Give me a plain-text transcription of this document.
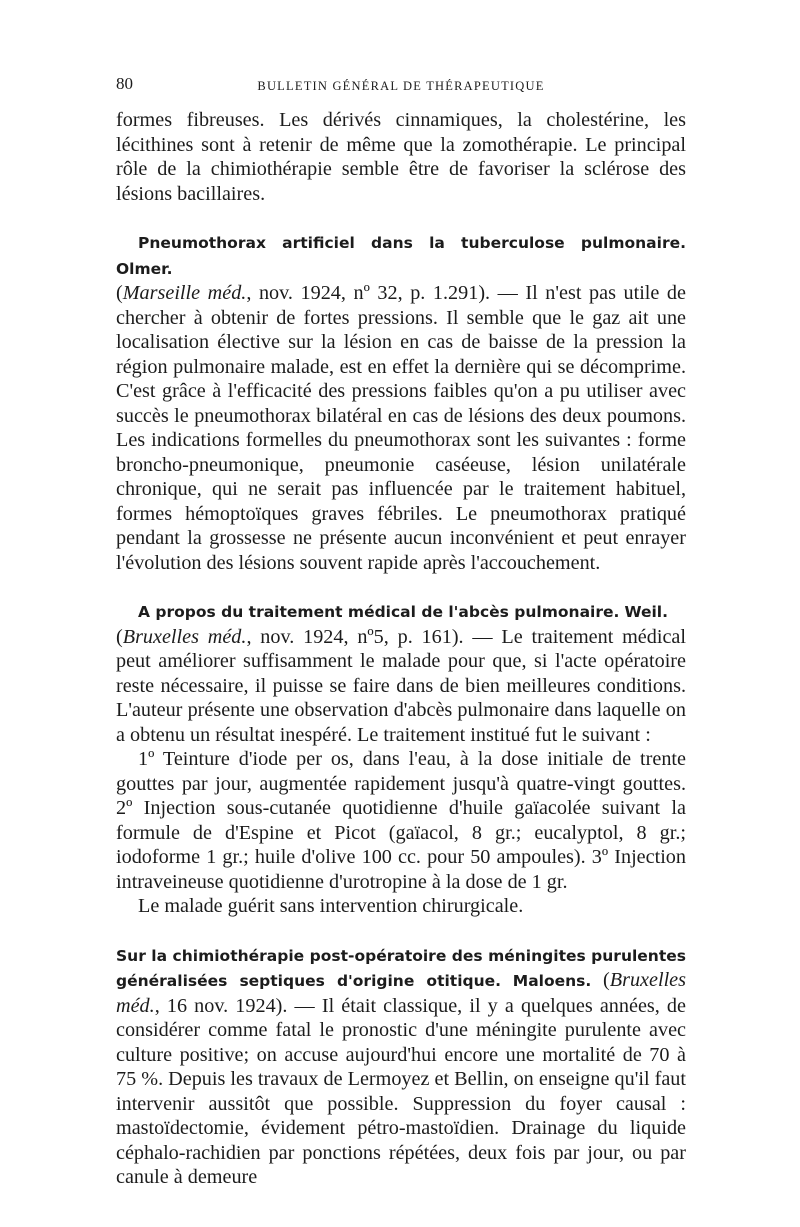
80	BULLETIN GÉNÉRAL DE THÉRAPEUTIQUE

formes fibreuses. Les dérivés cinnamiques, la cholestérine, les lécithines sont à retenir de même que la zomothérapie. Le principal rôle de la chimiothérapie semble être de favoriser la sclérose des lésions bacillaires.

Pneumothorax artificiel dans la tuberculose pulmonaire. Olmer.
(Marseille méd., nov. 1924, nº 32, p. 1.291). — Il n'est pas utile de chercher à obtenir de fortes pressions. Il semble que le gaz ait une localisation élective sur la lésion en cas de baisse de la pression la région pulmonaire malade, est en effet la dernière qui se décomprime. C'est grâce à l'efficacité des pressions faibles qu'on a pu utiliser avec succès le pneumothorax bilatéral en cas de lésions des deux poumons. Les indications formelles du pneumothorax sont les suivantes : forme broncho-pneumonique, pneumonie caséeuse, lésion unilatérale chronique, qui ne serait pas influencée par le traitement habituel, formes hémoptoïques graves fébriles. Le pneumothorax pratiqué pendant la grossesse ne présente aucun inconvénient et peut enrayer l'évolution des lésions souvent rapide après l'accouchement.

A propos du traitement médical de l'abcès pulmonaire. Weil.
(Bruxelles méd., nov. 1924, nº5, p. 161). — Le traitement médical peut améliorer suffisamment le malade pour que, si l'acte opératoire reste nécessaire, il puisse se faire dans de bien meilleures conditions. L'auteur présente une observation d'abcès pulmonaire dans laquelle on a obtenu un résultat inespéré. Le traitement institué fut le suivant :

1º Teinture d'iode per os, dans l'eau, à la dose initiale de trente gouttes par jour, augmentée rapidement jusqu'à quatre-vingt gouttes. 2º Injection sous-cutanée quotidienne d'huile gaïacolée suivant la formule de d'Espine et Picot (gaïacol, 8 gr.; eucalyptol, 8 gr.; iodoforme 1 gr.; huile d'olive 100 cc. pour 50 ampoules). 3º Injection intraveineuse quotidienne d'urotropine à la dose de 1 gr.

Le malade guérit sans intervention chirurgicale.

Sur la chimiothérapie post-opératoire des méningites purulentes généralisées septiques d'origine otitique. Maloens. (Bruxelles méd., 16 nov. 1924). — Il était classique, il y a quelques années, de considérer comme fatal le pronostic d'une méningite purulente avec culture positive; on accuse aujourd'hui encore une mortalité de 70 à 75 %. Depuis les travaux de Lermoyez et Bellin, on enseigne qu'il faut intervenir aussitôt que possible. Suppression du foyer causal : mastoïdectomie, évidement pétro-mastoïdien. Drainage du liquide céphalo-rachidien par ponctions répétées, deux fois par jour, ou par canule à demeure
